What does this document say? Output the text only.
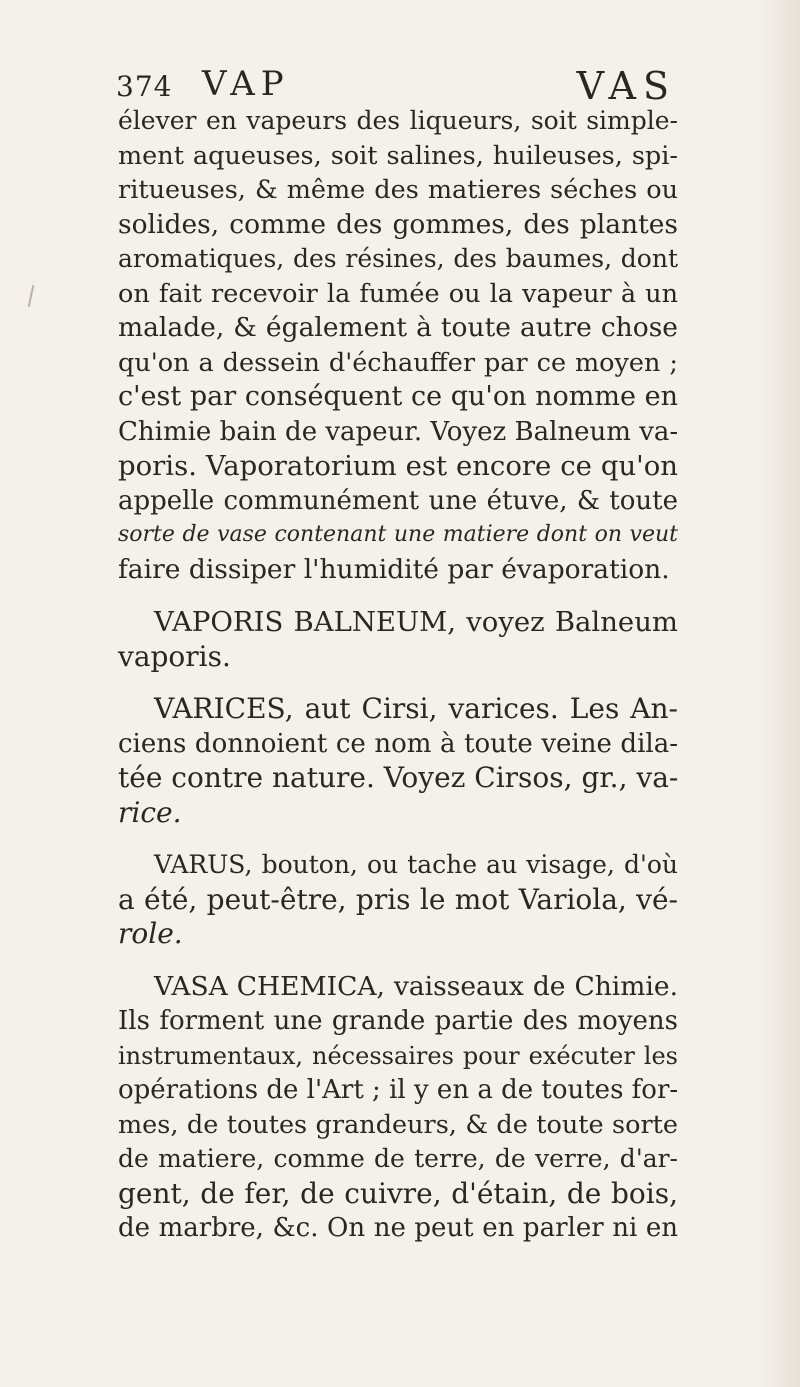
374 VAP	VAS
élever en vapeurs des liqueurs, soit simple-
ment aqueuses, soit salines, huileuses, spi-
ritueuses, & même des matieres séches ou
solides, comme des gommes, des plantes
aromatiques, des résines, des baumes, dont
on fait recevoir la fumée ou la vapeur à un
malade, & également à toute autre chose
qu'on a dessein d'échauffer par ce moyen ;
c'est par conséquent ce qu'on nomme en
Chimie bain de vapeur. Voyez Balneum va-
poris. Vaporatorium est encore ce qu'on
appelle communément une étuve, & toute
sorte de vase contenant une matiere dont on veut
faire dissiper l'humidité par évaporation.
VAPORIS BALNEUM, voyez Balneum
vaporis.
VARICES, aut Cirsi, varices. Les An-
ciens donnoient ce nom à toute veine dila-
tée contre nature. Voyez Cirsos, gr., va-
rice.
VARUS, bouton, ou tache au visage, d'où
a été, peut-être, pris le mot Variola, vé-
role.
VASA CHEMICA, vaisseaux de Chimie.
Ils forment une grande partie des moyens
instrumentaux, nécessaires pour exécuter les
opérations de l'Art ; il y en a de toutes for-
mes, de toutes grandeurs, & de toute sorte
de matiere, comme de terre, de verre, d'ar-
gent, de fer, de cuivre, d'étain, de bois,
de marbre, &c. On ne peut en parler ni en
